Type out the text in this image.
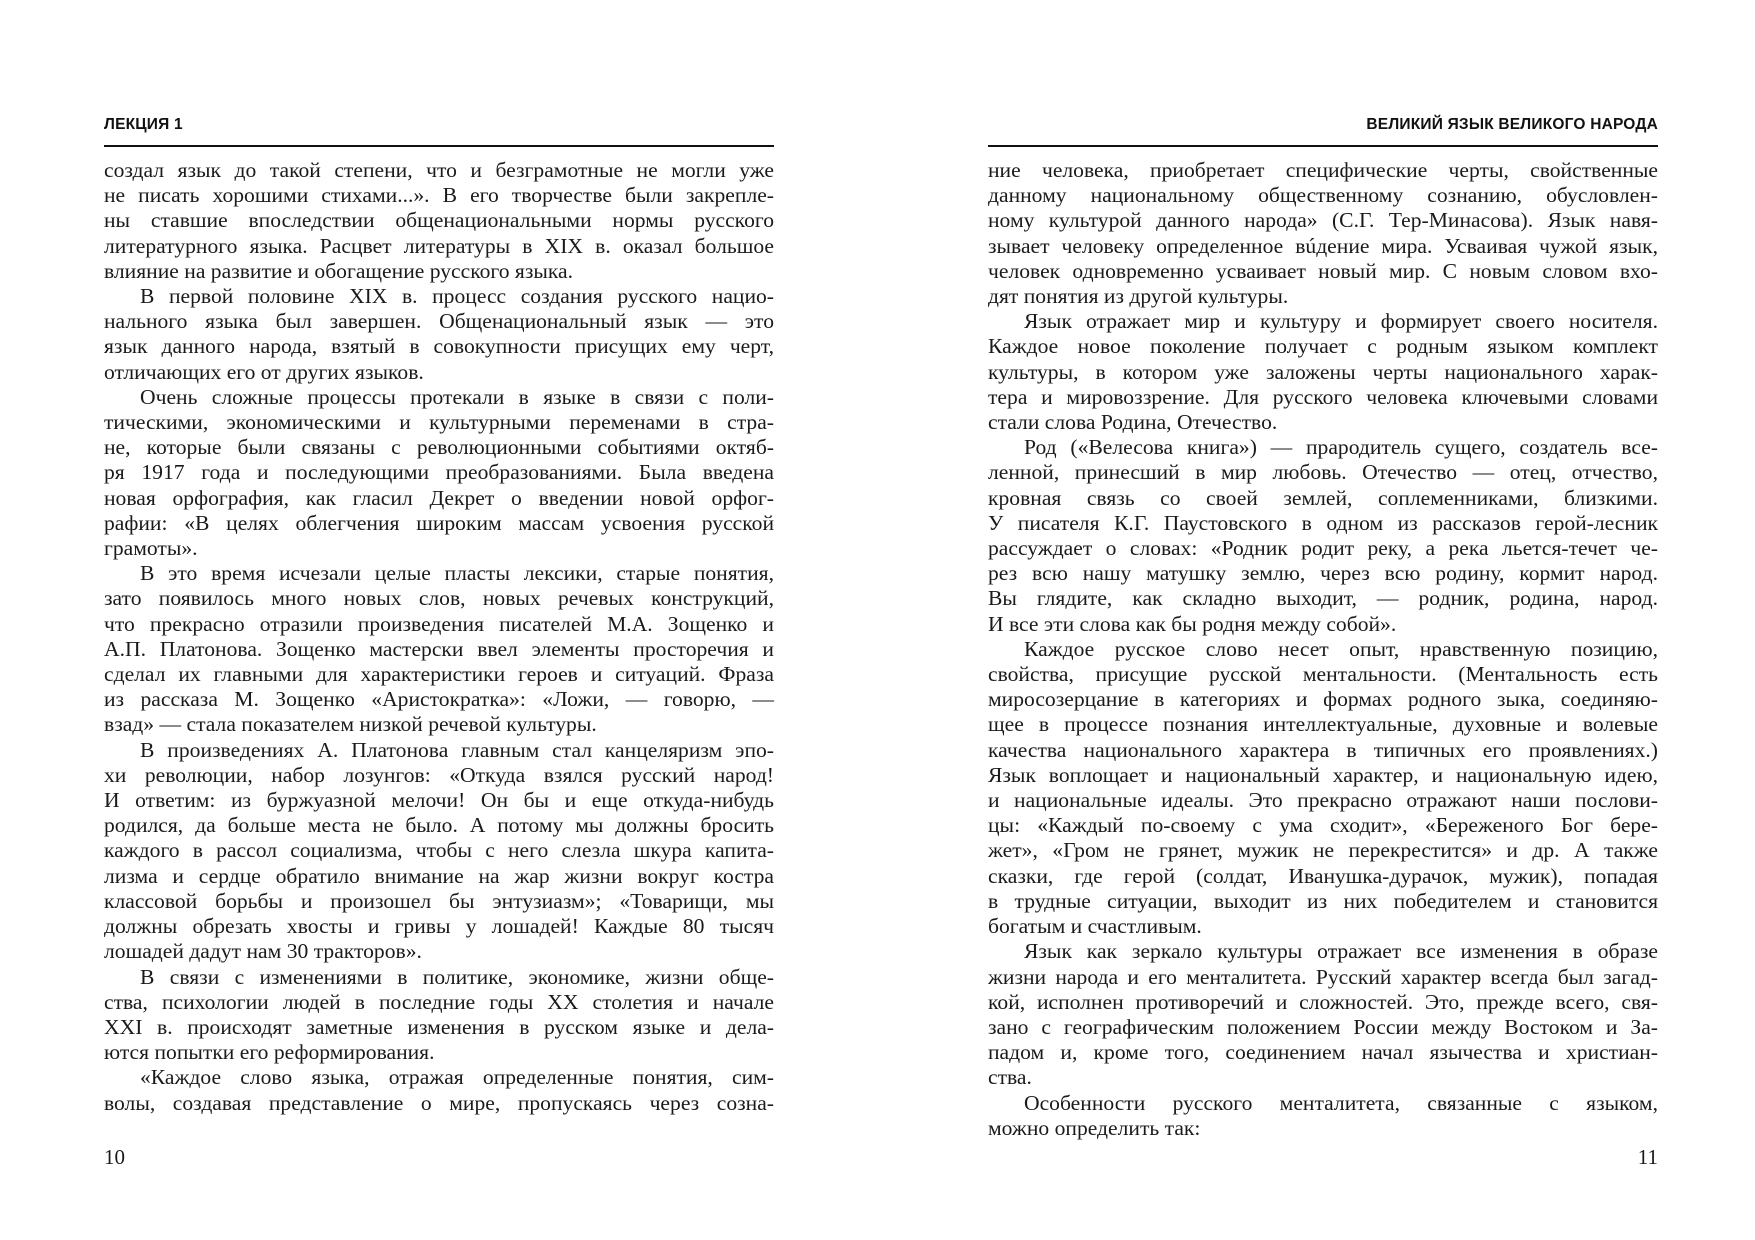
ЛЕКЦИЯ 1

создал язык до такой степени, что и безграмотные не могли уже

не писать хорошими стихами...». В его творчестве были закрепле-

ны ставшие впоследствии общенациональными нормы русского

литературного языка. Расцвет литературы в XIX в. оказал большое

влияние на развитие и обогащение русского языка.

В первой половине XIX в. процесс создания русского нацио-

нального языка был завершен. Общенациональный язык — это

язык данного народа, взятый в совокупности присущих ему черт,

отличающих его от других языков.

Очень сложные процессы протекали в языке в связи с поли-

тическими, экономическими и культурными переменами в стра-

не, которые были связаны с революционными событиями октяб-

ря 1917 года и последующими преобразованиями. Была введена

новая орфография, как гласил Декрет о введении новой орфог-

рафии: «В целях облегчения широким массам усвоения русской

грамоты».

В это время исчезали целые пласты лексики, старые понятия,

зато появилось много новых слов, новых речевых конструкций,

что прекрасно отразили произведения писателей М.А. Зощенко и

А.П. Платонова. Зощенко мастерски ввел элементы просторечия и

сделал их главными для характеристики героев и ситуаций. Фраза

из рассказа М. Зощенко «Аристократка»: «Ложи, — говорю, —

взад» — стала показателем низкой речевой культуры.

В произведениях А. Платонова главным стал канцеляризм эпо-

хи революции, набор лозунгов: «Откуда взялся русский народ!

И ответим: из буржуазной мелочи! Он бы и еще откуда-нибудь

родился, да больше места не было. А потому мы должны бросить

каждого в рассол социализма, чтобы с него слезла шкура капита-

лизма и сердце обратило внимание на жар жизни вокруг костра

классовой борьбы и произошел бы энтузиазм»; «Товарищи, мы

должны обрезать хвосты и гривы у лошадей! Каждые 80 тысяч

лошадей дадут нам 30 тракторов».

В связи с изменениями в политике, экономике, жизни обще-

ства, психологии людей в последние годы XX столетия и начале

XXI в. происходят заметные изменения в русском языке и дела-

ются попытки его реформирования.

«Каждое слово языка, отражая определенные понятия, сим-

волы, создавая представление о мире, пропускаясь через созна-

10
ВЕЛИКИЙ ЯЗЫК ВЕЛИКОГО НАРОДА

ние человека, приобретает специфические черты, свойственные

данному национальному общественному сознанию, обусловлен-

ному культурой данного народа» (С.Г. Тер-Минасова). Язык навя-

зывает человеку определенное вúдение мира. Усваивая чужой язык,

человек одновременно усваивает новый мир. С новым словом вхо-

дят понятия из другой культуры.

Язык отражает мир и культуру и формирует своего носителя.

Каждое новое поколение получает с родным языком комплект

культуры, в котором уже заложены черты национального харак-

тера и мировоззрение. Для русского человека ключевыми словами

стали слова Родина, Отечество.

Род («Велесова книга») — прародитель сущего, создатель все-

ленной, принесший в мир любовь. Отечество — отец, отчество,

кровная связь со своей землей, соплеменниками, близкими.

У писателя К.Г. Паустовского в одном из рассказов герой-лесник

рассуждает о словах: «Родник родит реку, а река льется-течет че-

рез всю нашу матушку землю, через всю родину, кормит народ.

Вы глядите, как складно выходит, — родник, родина, народ.

И все эти слова как бы родня между собой».

Каждое русское слово несет опыт, нравственную позицию,

свойства, присущие русской ментальности. (Ментальность есть

миросозерцание в категориях и формах родного зыка, соединяю-

щее в процессе познания интеллектуальные, духовные и волевые

качества национального характера в типичных его проявлениях.)

Язык воплощает и национальный характер, и национальную идею,

и национальные идеалы. Это прекрасно отражают наши послови-

цы: «Каждый по-своему с ума сходит», «Береженого Бог бере-

жет», «Гром не грянет, мужик не перекрестится» и др. А также

сказки, где герой (солдат, Иванушка-дурачок, мужик), попадая

в трудные ситуации, выходит из них победителем и становится

богатым и счастливым.

Язык как зеркало культуры отражает все изменения в образе

жизни народа и его менталитета. Русский характер всегда был загад-

кой, исполнен противоречий и сложностей. Это, прежде всего, свя-

зано с географическим положением России между Востоком и За-

падом и, кроме того, соединением начал язычества и христиан-

ства.

Особенности русского менталитета, связанные с языком,

можно определить так:

11
